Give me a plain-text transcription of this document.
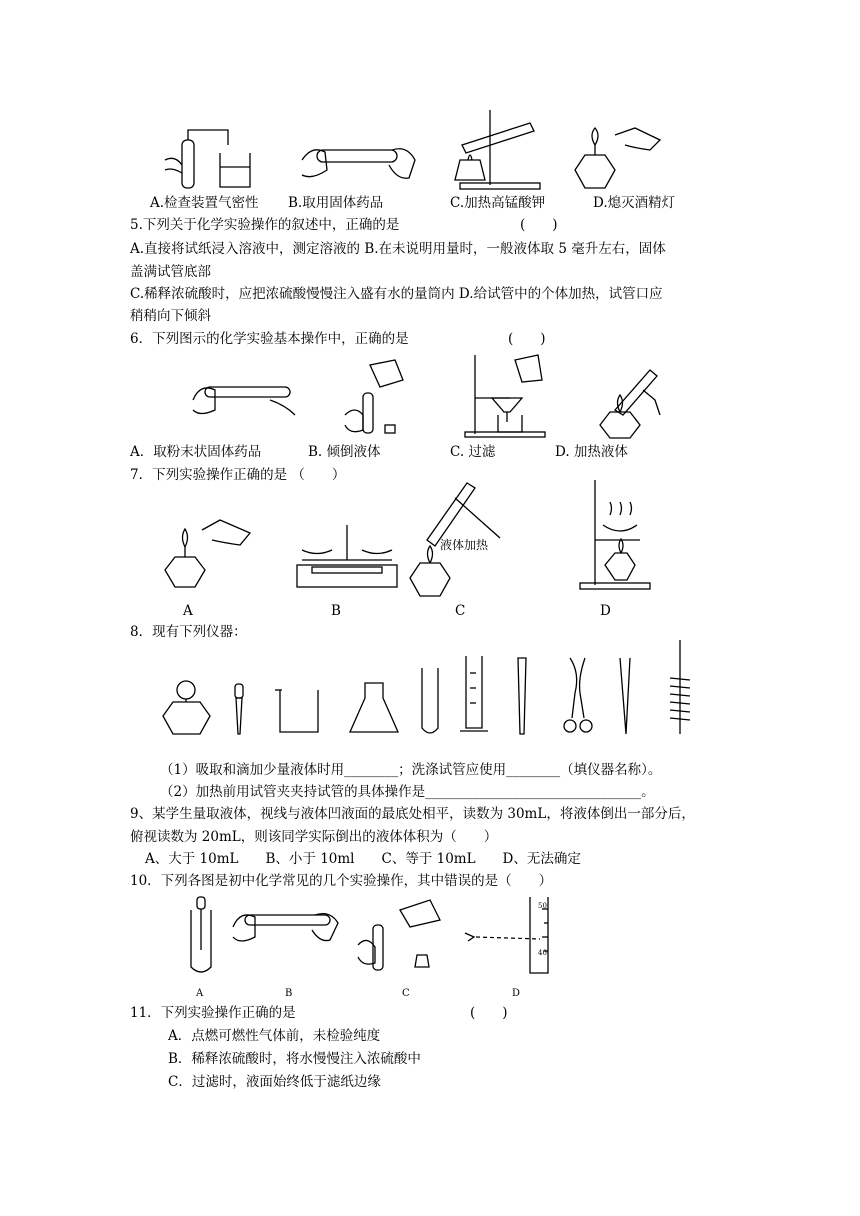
A.检查装置气密性 B.取用固体药品	C.加热高锰酸钾	D.熄灭酒精灯
5.下列关于化学实验操作的叙述中，正确的是	(　　)
A.直接将试纸浸入溶液中，测定溶液的 B.在未说明用量时，一般液体取 5 毫升左右，固体
盖满试管底部
C.稀释浓硫酸时，应把浓硫酸慢慢注入盛有水的量筒内 D.给试管中的个体加热，试管口应
稍稍向下倾斜
6．下列图示的化学实验基本操作中，正确的是	(　　)
A．取粉末状固体药品	B. 倾倒液体	C. 过滤	D. 加热液体
7．下列实验操作正确的是 （　　）
液体加热
A	B	C	D
8．现有下列仪器：
（1）吸取和滴加少量液体时用________；洗涤试管应使用________（填仪器名称）。
（2）加热前用试管夹夹持试管的具体操作是________________________________。
9、某学生量取液体，视线与液体凹液面的最底处相平，读数为 30mL，将液体倒出一部分后，
俯视读数为 20mL，则该同学实际倒出的液体体积为（　　）
A、大于 10mL　　B、小于 10ml　　C、等于 10mL　　D、无法确定
10．下列各图是初中化学常见的几个实验操作，其中错误的是（　　）
50
40
A	B	C	D
11．下列实验操作正确的是	(　　)
A．点燃可燃性气体前，未检验纯度
B．稀释浓硫酸时，将水慢慢注入浓硫酸中
C．过滤时，液面始终低于滤纸边缘
